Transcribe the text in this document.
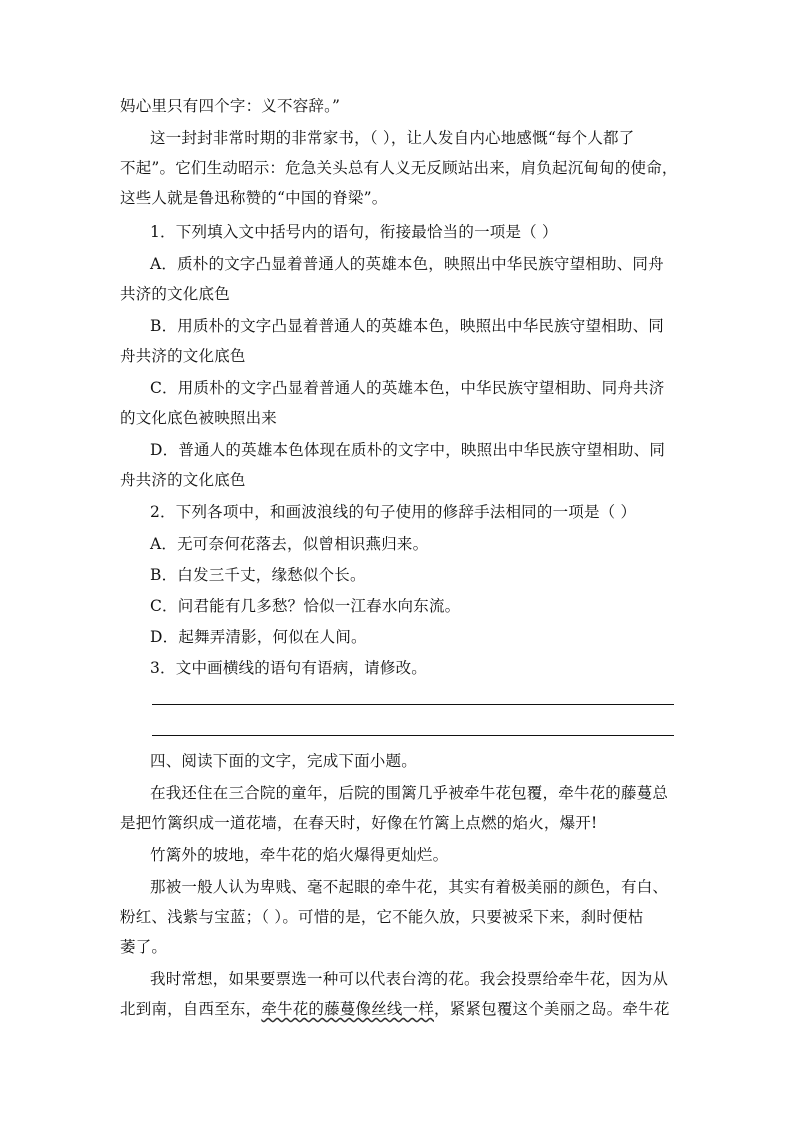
妈心里只有四个字：义不容辞。”
这一封封非常时期的非常家书，（ ），让人发自内心地感慨“每个人都了
不起”。它们生动昭示：危急关头总有人义无反顾站出来，肩负起沉甸甸的使命，
这些人就是鲁迅称赞的“中国的脊梁”。
1．下列填入文中括号内的语句，衔接最恰当的一项是（ ）
A．质朴的文字凸显着普通人的英雄本色，映照出中华民族守望相助、同舟
共济的文化底色
B．用质朴的文字凸显着普通人的英雄本色，映照出中华民族守望相助、同
舟共济的文化底色
C．用质朴的文字凸显着普通人的英雄本色，中华民族守望相助、同舟共济
的文化底色被映照出来
D．普通人的英雄本色体现在质朴的文字中，映照出中华民族守望相助、同
舟共济的文化底色
2．下列各项中，和画波浪线的句子使用的修辞手法相同的一项是（ ）
A．无可奈何花落去，似曾相识燕归来。
B．白发三千丈，缘愁似个长。
C．问君能有几多愁？恰似一江春水向东流。
D．起舞弄清影，何似在人间。
3．文中画横线的语句有语病，请修改。
四、阅读下面的文字，完成下面小题。
在我还住在三合院的童年，后院的围篱几乎被牵牛花包覆，牵牛花的藤蔓总
是把竹篱织成一道花墙，在春天时，好像在竹篱上点燃的焰火，爆开!
竹篱外的坡地，牵牛花的焰火爆得更灿烂。
那被一般人认为卑贱、毫不起眼的牵牛花，其实有着极美丽的颜色，有白、
粉红、浅紫与宝蓝；（ ）。可惜的是，它不能久放，只要被采下来，刹时便枯
萎了。
我时常想，如果要票选一种可以代表台湾的花。我会投票给牵牛花，因为从
北到南，自西至东，牵牛花的藤蔓像丝线一样，紧紧包覆这个美丽之岛。牵牛花
